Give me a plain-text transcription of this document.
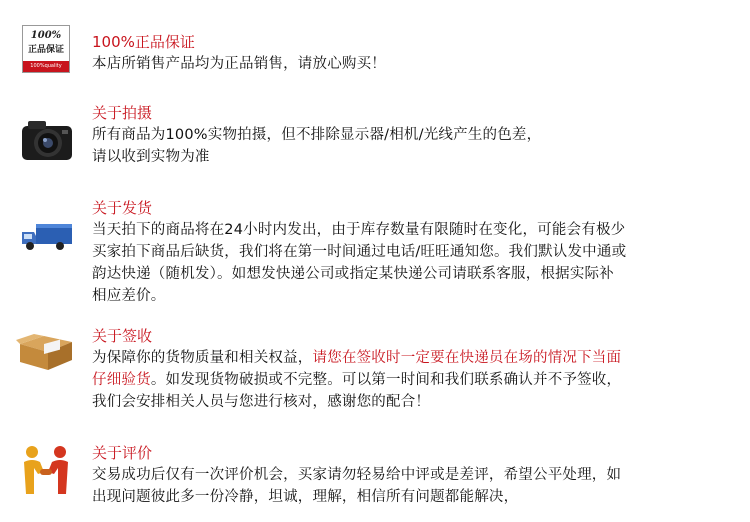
100%
正品保证
100%quality product
100%正品保证
本店所销售产品均为正品销售，请放心购买！
关于拍摄
所有商品为100%实物拍摄，但不排除显示器/相机/光线产生的色差，
请以收到实物为准
关于发货
当天拍下的商品将在24小时内发出，由于库存数量有限随时在变化，可能会有极少
买家拍下商品后缺货，我们将在第一时间通过电话/旺旺通知您。我们默认发中通或
韵达快递（随机发）。如想发快递公司或指定某快递公司请联系客服，根据实际补
相应差价。
关于签收
为保障你的货物质量和相关权益，请您在签收时一定要在快递员在场的情况下当面
仔细验货。如发现货物破损或不完整。可以第一时间和我们联系确认并不予签收，
我们会安排相关人员与您进行核对，感谢您的配合！
关于评价
交易成功后仅有一次评价机会，买家请勿轻易给中评或是差评，希望公平处理，如
出现问题彼此多一份冷静，坦诚，理解，相信所有问题都能解决，
